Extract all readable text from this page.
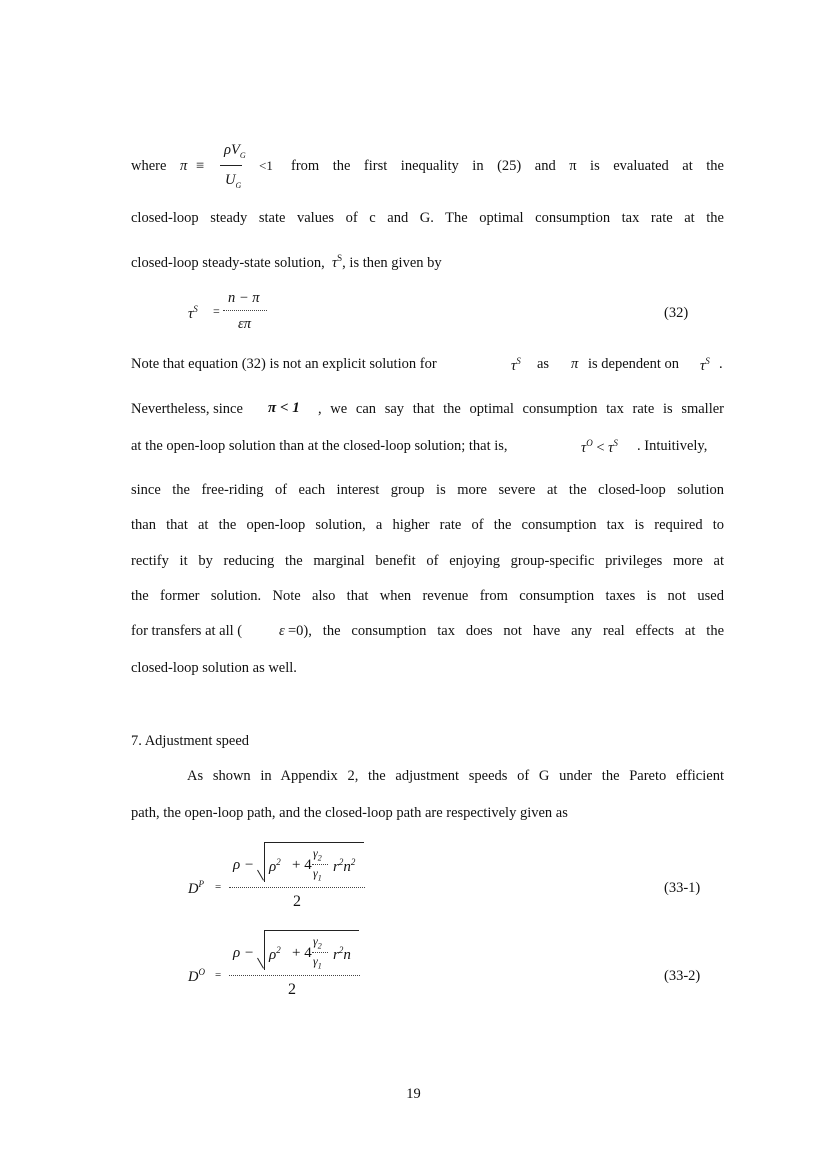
where π ≡
$\rho V_G$
$U_G$
<1 from the first inequality in (25) and π is evaluated at the
closed-loop steady state values of c and G. The optimal consumption tax rate at the
closed-loop steady-state solution, $\tau^S$, is then given by
$\tau^S$ =
n − π
επ
(32)
Note that equation (32) is not an explicit solution for	$\tau^S$ as π is dependent on $\tau^S$ .
Nevertheless, since π < 1 , we can say that the optimal consumption tax rate is smaller
at the open-loop solution than at the closed-loop solution; that is,	$\tau^O < \tau^S$ . Intuitively,
since the free-riding of each interest group is more severe at the closed-loop solution
than that at the open-loop solution, a higher rate of the consumption tax is required to
rectify it by reducing the marginal benefit of enjoying group-specific privileges more at
the former solution. Note also that when revenue from consumption taxes is not used
for transfers at all (	ε =0), the consumption tax does not have any real effects at the
closed-loop solution as well.
7. Adjustment speed
As shown in Appendix 2, the adjustment speeds of G under the Pareto efficient
path, the open-loop path, and the closed-loop path are respectively given as
$D^P$ =
$\rho - \rho^2 + 4$
$\gamma_2$
$\gamma_1$
$r^2n^2$
2
(33-1)
$D^O$ =
$\rho - \rho^2 + 4$
$\gamma_2$
$\gamma_1$
$r^2n$
2
(33-2)
19
